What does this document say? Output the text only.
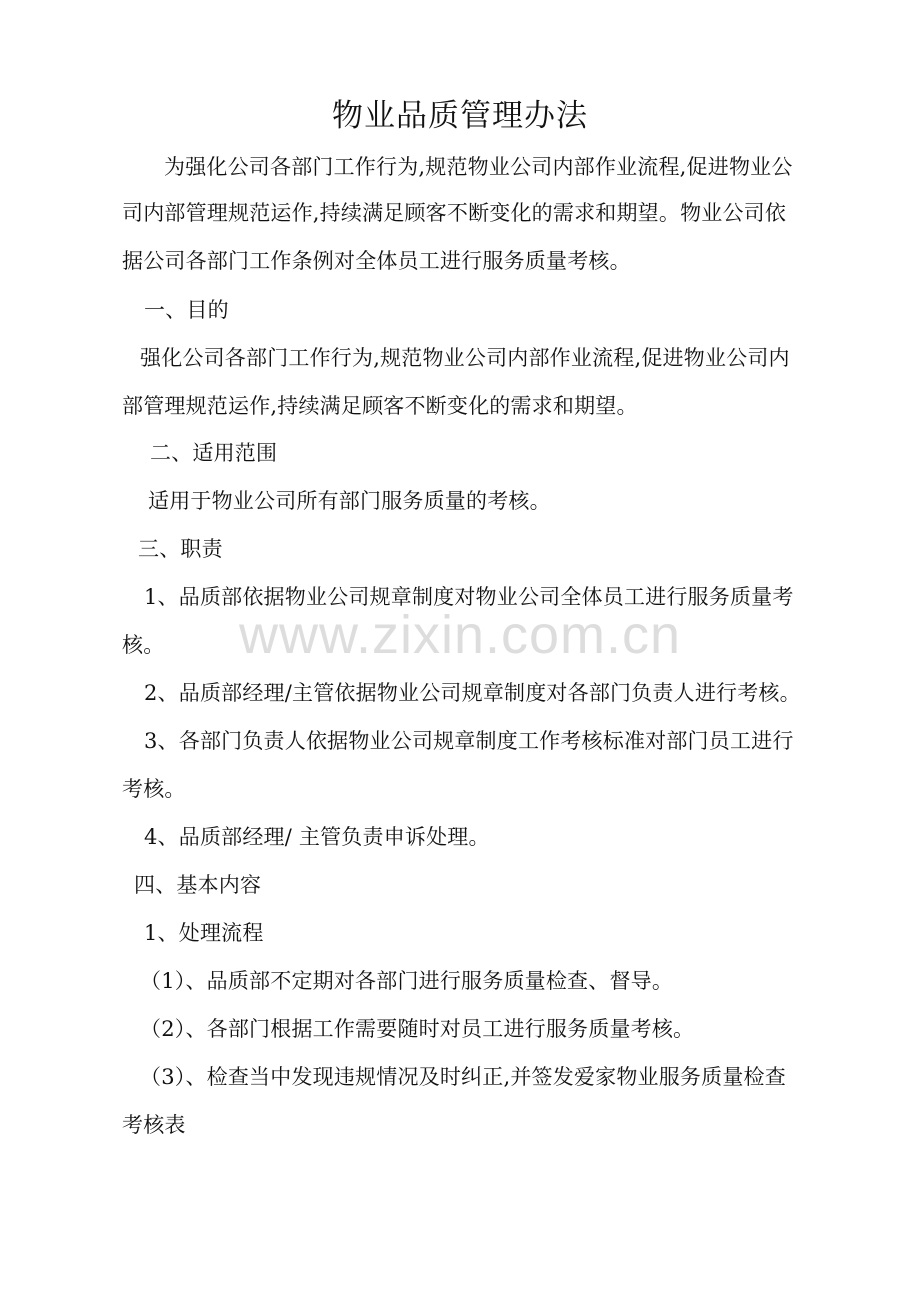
物业品质管理办法
为强化公司各部门工作行为,规范物业公司内部作业流程,促进物业公
司内部管理规范运作,持续满足顾客不断变化的需求和期望。物业公司依
据公司各部门工作条例对全体员工进行服务质量考核。
一、目的
强化公司各部门工作行为,规范物业公司内部作业流程,促进物业公司内
部管理规范运作,持续满足顾客不断变化的需求和期望。
二、适用范围
适用于物业公司所有部门服务质量的考核。
三、职责
1、品质部依据物业公司规章制度对物业公司全体员工进行服务质量考
核。
2、品质部经理/主管依据物业公司规章制度对各部门负责人进行考核。
3、各部门负责人依据物业公司规章制度工作考核标准对部门员工进行
考核。
4、品质部经理/ 主管负责申诉处理。
四、基本内容
1、处理流程
（1）、品质部不定期对各部门进行服务质量检查、督导。
（2）、各部门根据工作需要随时对员工进行服务质量考核。
（3）、检查当中发现违规情况及时纠正,并签发爱家物业服务质量检查
考核表
www.zixin.com.cn
